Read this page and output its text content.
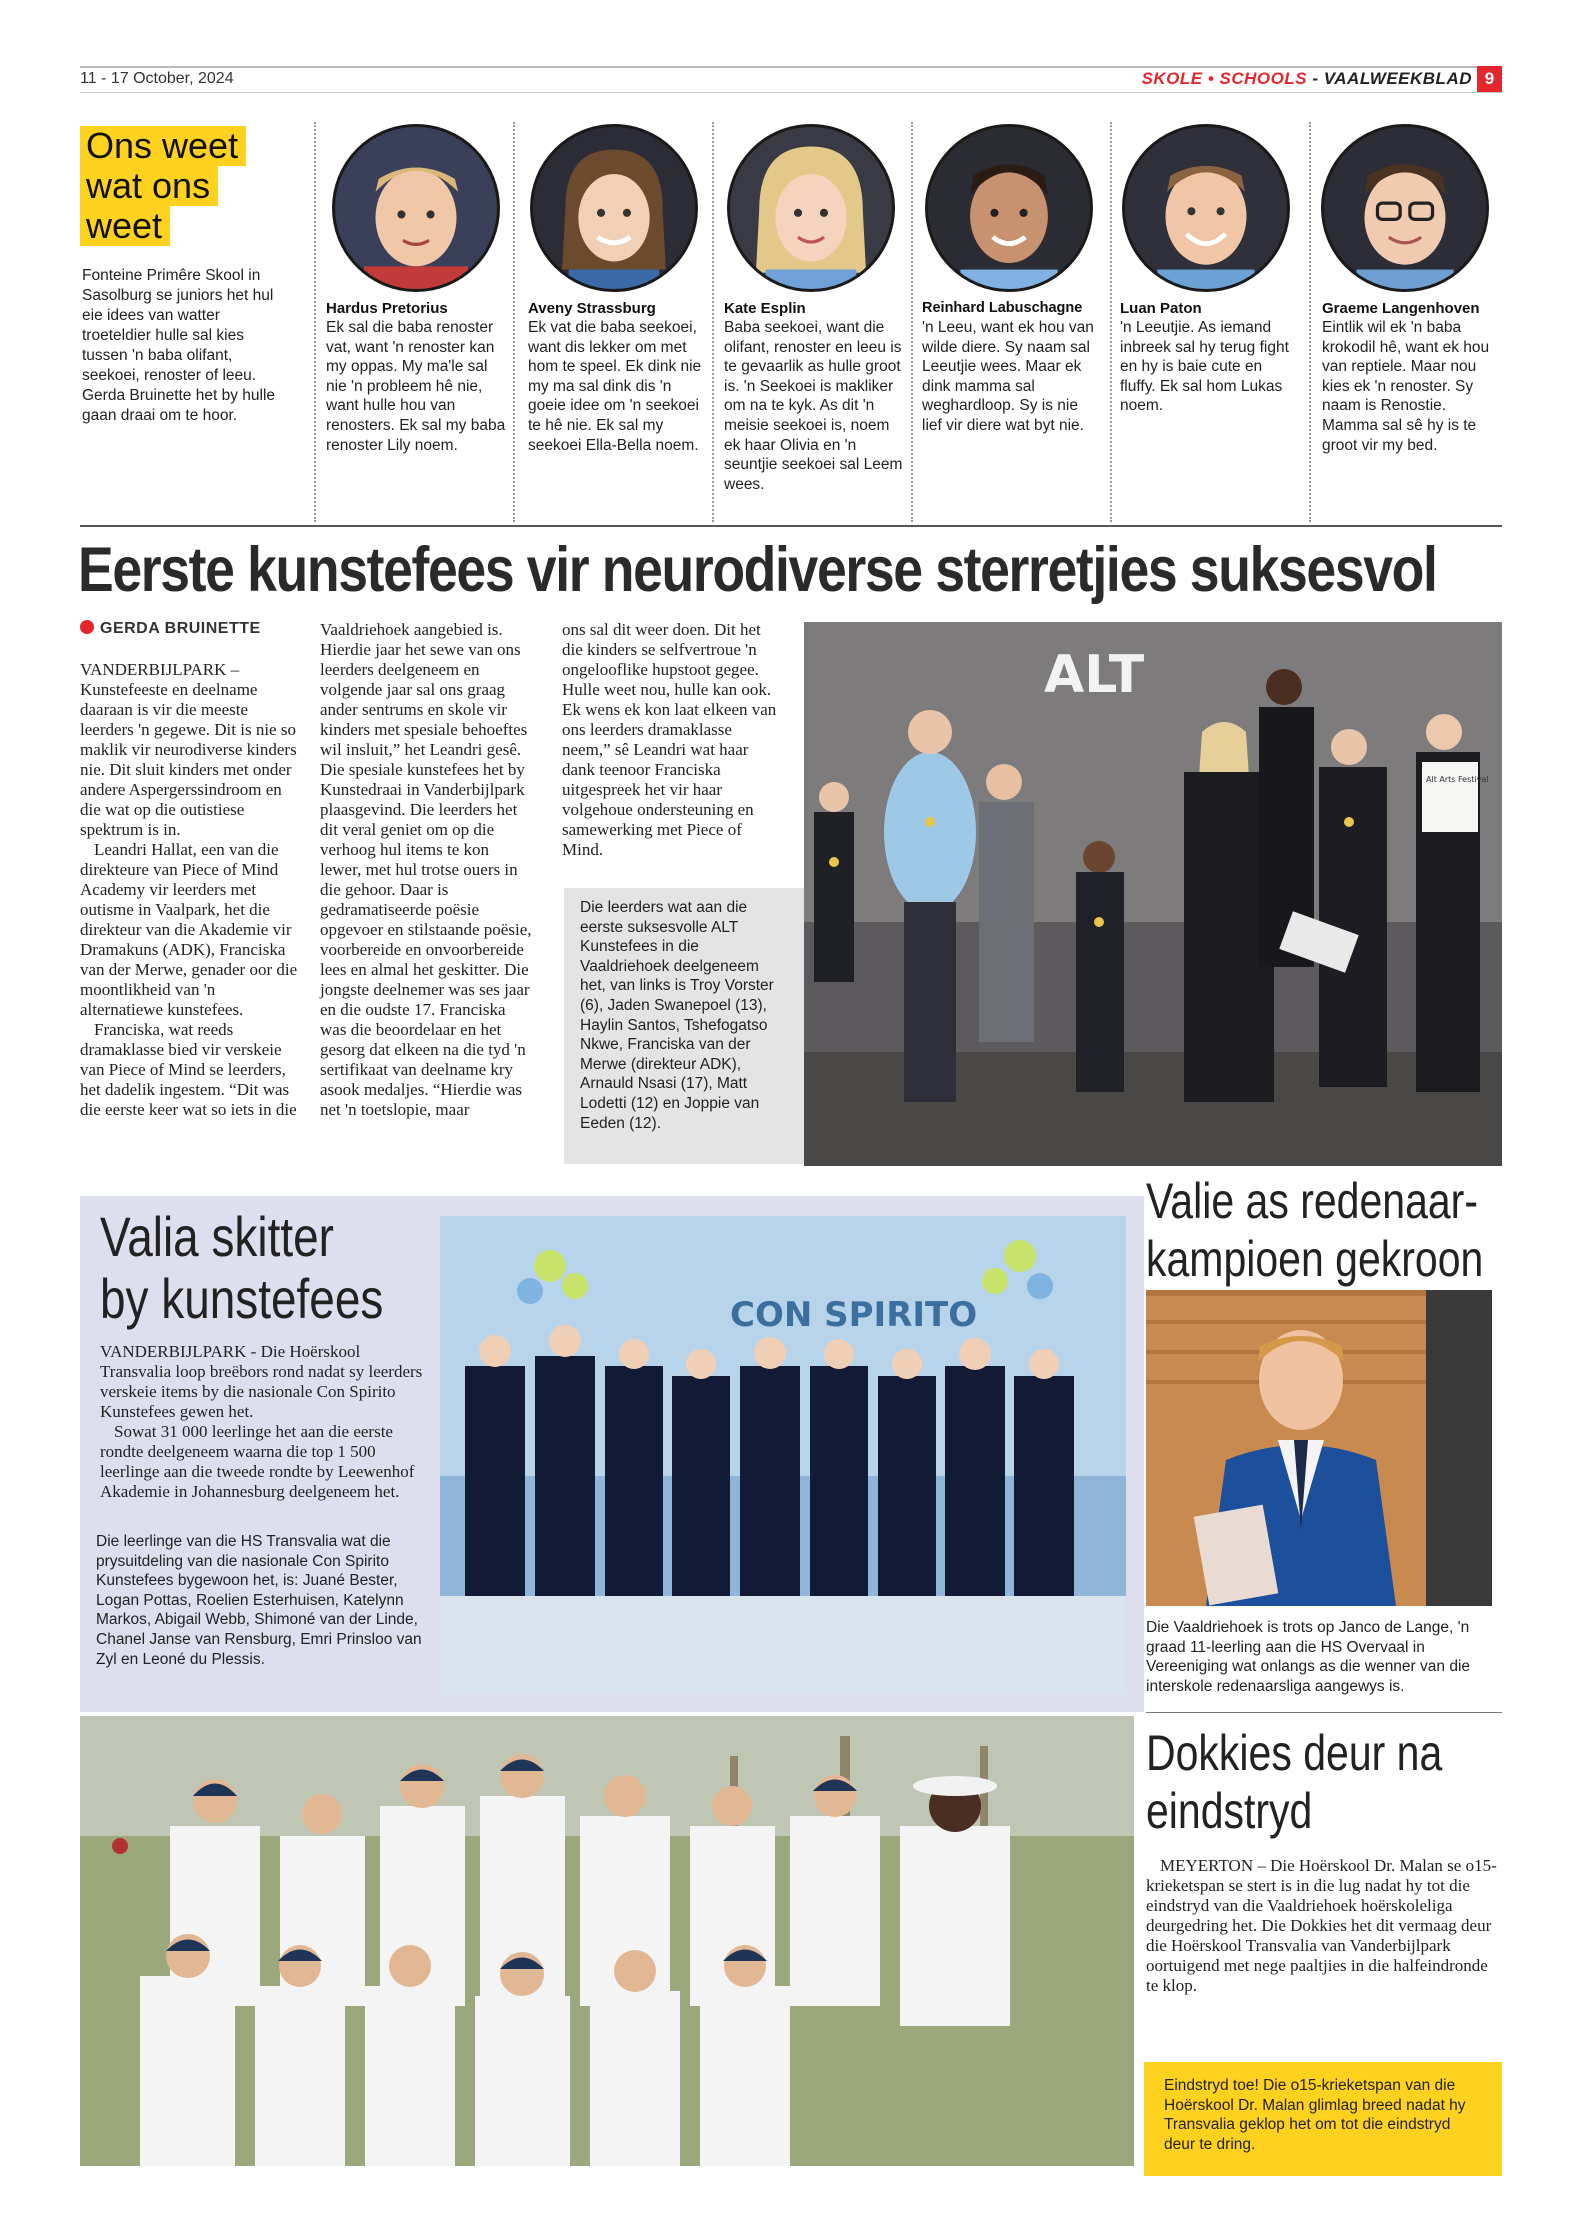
11 - 17 October, 2024	SKOLE • SCHOOLS - VAALWEEKBLAD 9
Ons weet
wat ons
weet
Fonteine Primêre Skool in Sasolburg se juniors het hul eie idees van watter troeteldier hulle sal kies tussen 'n baba olifant, seekoei, renoster of leeu. Gerda Bruinette het by hulle gaan draai om te hoor.
Hardus Pretorius
Ek sal die baba renoster vat, want 'n renoster kan my oppas. My ma'le sal nie 'n probleem hê nie, want hulle hou van renosters. Ek sal my baba renoster Lily noem.
Aveny Strassburg
Ek vat die baba seekoei, want dis lekker om met hom te speel. Ek dink nie my ma sal dink dis 'n goeie idee om 'n seekoei te hê nie. Ek sal my seekoei Ella-Bella noem.
Kate Esplin
Baba seekoei, want die olifant, renoster en leeu is te gevaarlik as hulle groot is. 'n Seekoei is makliker om na te kyk. As dit 'n meisie seekoei is, noem ek haar Olivia en 'n seuntjie seekoei sal Leem wees.
Reinhard Labuschagne
'n Leeu, want ek hou van wilde diere. Sy naam sal Leeutjie wees. Maar ek dink mamma sal weghardloop. Sy is nie lief vir diere wat byt nie.
Luan Paton
'n Leeutjie. As iemand inbreek sal hy terug fight en hy is baie cute en fluffy. Ek sal hom Lukas noem.
Graeme Langenhoven
Eintlik wil ek 'n baba krokodil hê, want ek hou van reptiele. Maar nou kies ek 'n renoster. Sy naam is Renostie. Mamma sal sê hy is te groot vir my bed.
Eerste kunstefees vir neurodiverse sterretjies suksesvol
GERDA BRUINETTE

VANDERBIJLPARK – Kunstefeeste en deelname daaraan is vir die meeste leerders 'n gegewe. Dit is nie so maklik vir neurodiverse kinders nie. Dit sluit kinders met onder andere Aspergerssindroom en die wat op die outistiese spektrum is in.

Leandri Hallat, een van die direkteure van Piece of Mind Academy vir leerders met outisme in Vaalpark, het die direkteur van die Akademie vir Dramakuns (ADK), Franciska van der Merwe, genader oor die moontlikheid van 'n alternatiewe kunstefees.

Franciska, wat reeds dramaklasse bied vir verskeie van Piece of Mind se leerders, het dadelik ingestem. “Dit was die eerste keer wat so iets in die

Vaaldriehoek aangebied is. Hierdie jaar het sewe van ons leerders deelgeneem en volgende jaar sal ons graag ander sentrums en skole vir kinders met spesiale behoeftes wil insluit,” het Leandri gesê. Die spesiale kunstefees het by Kunstedraai in Vanderbijlpark plaasgevind. Die leerders het dit veral geniet om op die verhoog hul items te kon lewer, met hul trotse ouers in die gehoor. Daar is gedramatiseerde poësie opgevoer en stilstaande poësie, voorbereide en onvoorbereide lees en almal het geskitter. Die jongste deelnemer was ses jaar en die oudste 17. Franciska was die beoordelaar en het gesorg dat elkeen na die tyd 'n sertifikaat van deelname kry asook medaljes. “Hierdie was net 'n toetslopie, maar
ons sal dit weer doen. Dit het die kinders se selfvertroue 'n ongelooflike hupstoot gegee. Hulle weet nou, hulle kan ook. Ek wens ek kon laat elkeen van ons leerders dramaklasse neem,” sê Leandri wat haar dank teenoor Franciska uitgespreek het vir haar volgehoue ondersteuning en samewerking met Piece of Mind.
Die leerders wat aan die eerste suksesvolle ALT Kunstefees in die Vaaldriehoek deelgeneem het, van links is Troy Vorster (6), Jaden Swanepoel (13), Haylin Santos, Tshefogatso Nkwe, Franciska van der Merwe (direkteur ADK), Arnauld Nsasi (17), Matt Lodetti (12) en Joppie van Eeden (12).
ALT
Alt Arts Festival
Valia skitter
by kunstefees

VANDERBIJLPARK - Die Hoërskool Transvalia loop breëbors rond nadat sy leerders verskeie items by die nasionale Con Spirito Kunstefees gewen het.

Sowat 31 000 leerlinge het aan die eerste rondte deelgeneem waarna die top 1 500 leerlinge aan die tweede rondte by Leewenhof Akademie in Johannesburg deelgeneem het.

Die leerlinge van die HS Transvalia wat die prysuitdeling van die nasionale Con Spirito Kunstefees bygewoon het, is: Juané Bester, Logan Pottas, Roelien Esterhuisen, Katelynn Markos, Abigail Webb, Shimoné van der Linde, Chanel Janse van Rensburg, Emri Prinsloo van Zyl en Leoné du Plessis.
CON SPIRITO
Valie as redenaar-
kampioen gekroon
Die Vaaldriehoek is trots op Janco de Lange, 'n graad 11-leerling aan die HS Overvaal in Vereeniging wat onlangs as die wenner van die interskole redenaarsliga aangewys is.
Dokkies deur na
eindstryd
MEYERTON – Die Hoërskool Dr. Malan se o15-krieketspan se stert is in die lug nadat hy tot die eindstryd van die Vaaldriehoek hoërskoleliga deurgedring het. Die Dokkies het dit vermaag deur die Hoërskool Transvalia van Vanderbijlpark oortuigend met nege paaltjies in die halfeindronde te klop.
Eindstryd toe! Die o15-krieketspan van die Hoërskool Dr. Malan glimlag breed nadat hy Transvalia geklop het om tot die eindstryd deur te dring.
